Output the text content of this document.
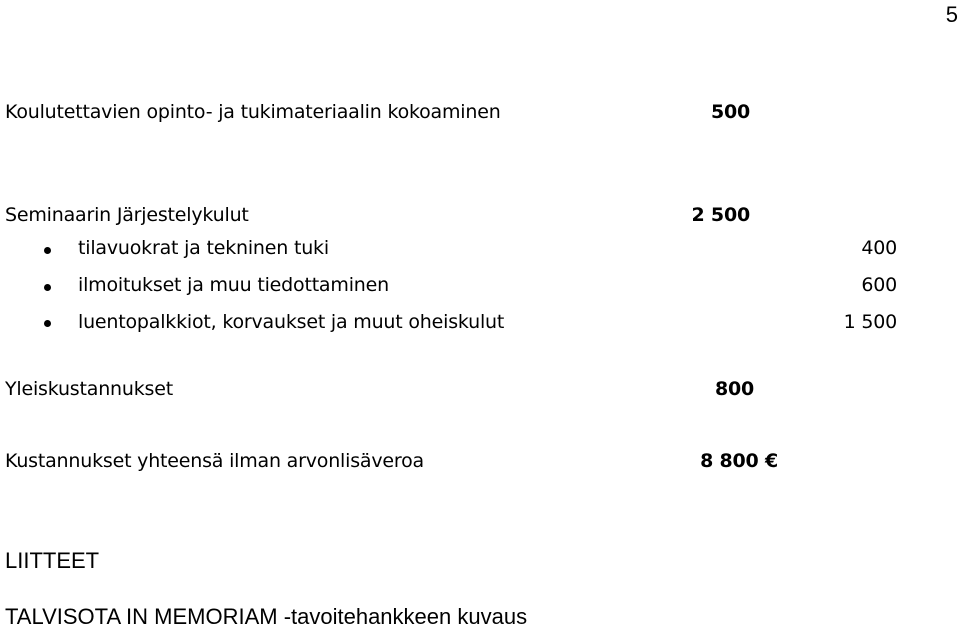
5
Koulutettavien opinto- ja tukimateriaalin kokoaminen	500
Seminaarin Järjestelykulut	2 500
tilavuokrat ja tekninen tuki	400
ilmoitukset ja muu tiedottaminen	600
luentopalkkiot, korvaukset ja muut oheiskulut	1 500
Yleiskustannukset	800
Kustannukset yhteensä ilman arvonlisäveroa	8 800 €
LIITTEET
TALVISOTA IN MEMORIAM -tavoitehankkeen kuvaus
